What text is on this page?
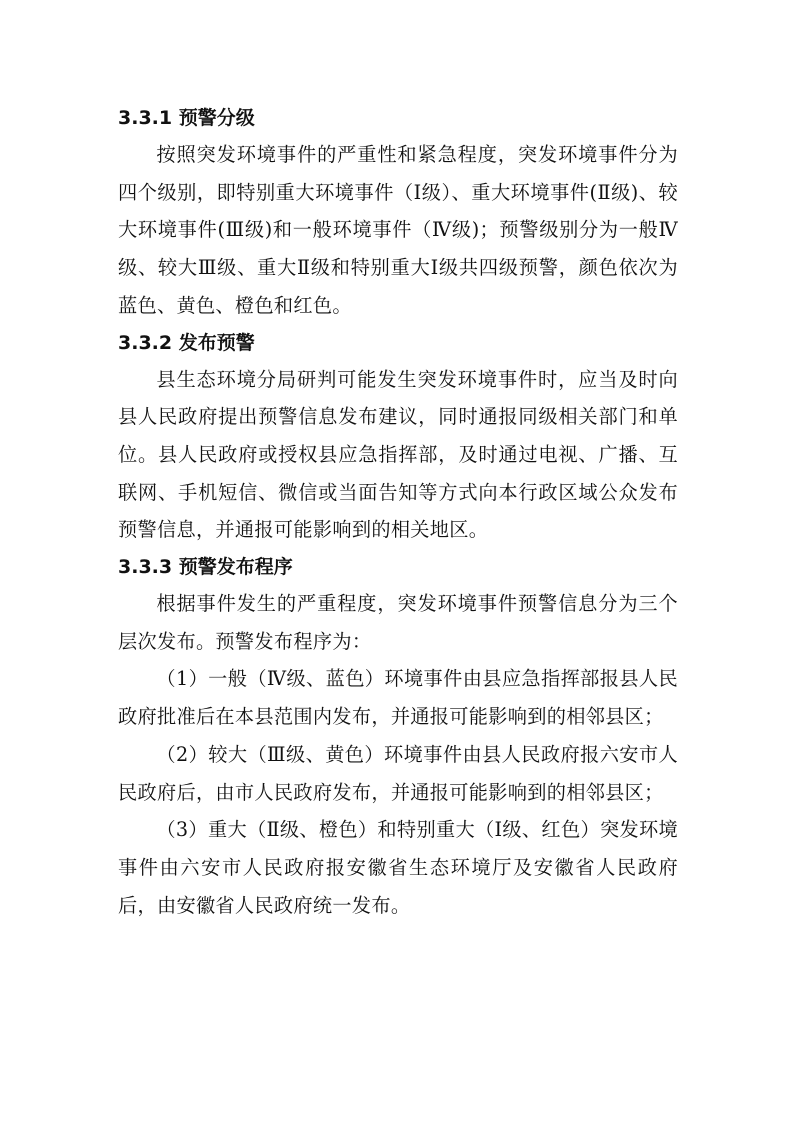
3.3.1 预警分级

按照突发环境事件的严重性和紧急程度，突发环境事件分为四个级别，即特别重大环境事件（Ⅰ级）、重大环境事件(Ⅱ级)、较大环境事件(Ⅲ级)和一般环境事件（Ⅳ级)；预警级别分为一般Ⅳ级、较大Ⅲ级、重大Ⅱ级和特别重大Ⅰ级共四级预警，颜色依次为蓝色、黄色、橙色和红色。

3.3.2 发布预警

县生态环境分局研判可能发生突发环境事件时，应当及时向县人民政府提出预警信息发布建议，同时通报同级相关部门和单位。县人民政府或授权县应急指挥部，及时通过电视、广播、互联网、手机短信、微信或当面告知等方式向本行政区域公众发布预警信息，并通报可能影响到的相关地区。

3.3.3 预警发布程序

根据事件发生的严重程度，突发环境事件预警信息分为三个层次发布。预警发布程序为：

（1）一般（Ⅳ级、蓝色）环境事件由县应急指挥部报县人民政府批准后在本县范围内发布，并通报可能影响到的相邻县区；

（2）较大（Ⅲ级、黄色）环境事件由县人民政府报六安市人民政府后，由市人民政府发布，并通报可能影响到的相邻县区；

（3）重大（Ⅱ级、橙色）和特别重大（Ⅰ级、红色）突发环境事件由六安市人民政府报安徽省生态环境厅及安徽省人民政府后，由安徽省人民政府统一发布。
